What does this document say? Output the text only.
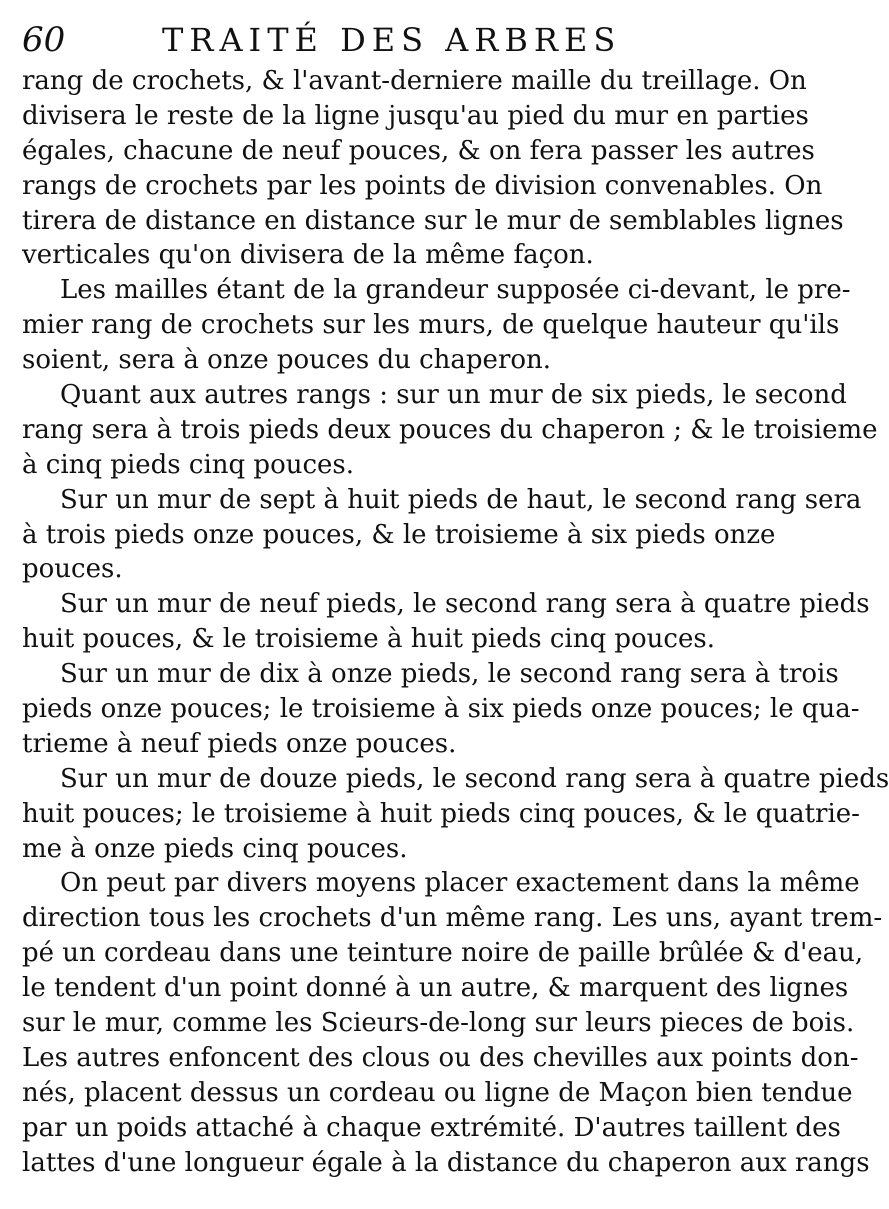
60	TRAITÉ DES ARBRES
rang de crochets, & l'avant-derniere maille du treillage. On
divisera le reste de la ligne jusqu'au pied du mur en parties
égales, chacune de neuf pouces, & on fera passer les autres
rangs de crochets par les points de division convenables. On
tirera de distance en distance sur le mur de semblables lignes
verticales qu'on divisera de la même façon.
Les mailles étant de la grandeur supposée ci-devant, le pre-
mier rang de crochets sur les murs, de quelque hauteur qu'ils
soient, sera à onze pouces du chaperon.
Quant aux autres rangs : sur un mur de six pieds, le second
rang sera à trois pieds deux pouces du chaperon ; & le troisieme
à cinq pieds cinq pouces.
Sur un mur de sept à huit pieds de haut, le second rang sera
à trois pieds onze pouces, & le troisieme à six pieds onze
pouces.
Sur un mur de neuf pieds, le second rang sera à quatre pieds
huit pouces, & le troisieme à huit pieds cinq pouces.
Sur un mur de dix à onze pieds, le second rang sera à trois
pieds onze pouces; le troisieme à six pieds onze pouces; le qua-
trieme à neuf pieds onze pouces.
Sur un mur de douze pieds, le second rang sera à quatre pieds
huit pouces; le troisieme à huit pieds cinq pouces, & le quatrie-
me à onze pieds cinq pouces.
On peut par divers moyens placer exactement dans la même
direction tous les crochets d'un même rang. Les uns, ayant trem-
pé un cordeau dans une teinture noire de paille brûlée & d'eau,
le tendent d'un point donné à un autre, & marquent des lignes
sur le mur, comme les Scieurs-de-long sur leurs pieces de bois.
Les autres enfoncent des clous ou des chevilles aux points don-
nés, placent dessus un cordeau ou ligne de Maçon bien tendue
par un poids attaché à chaque extrémité. D'autres taillent des
lattes d'une longueur égale à la distance du chaperon aux rangs
